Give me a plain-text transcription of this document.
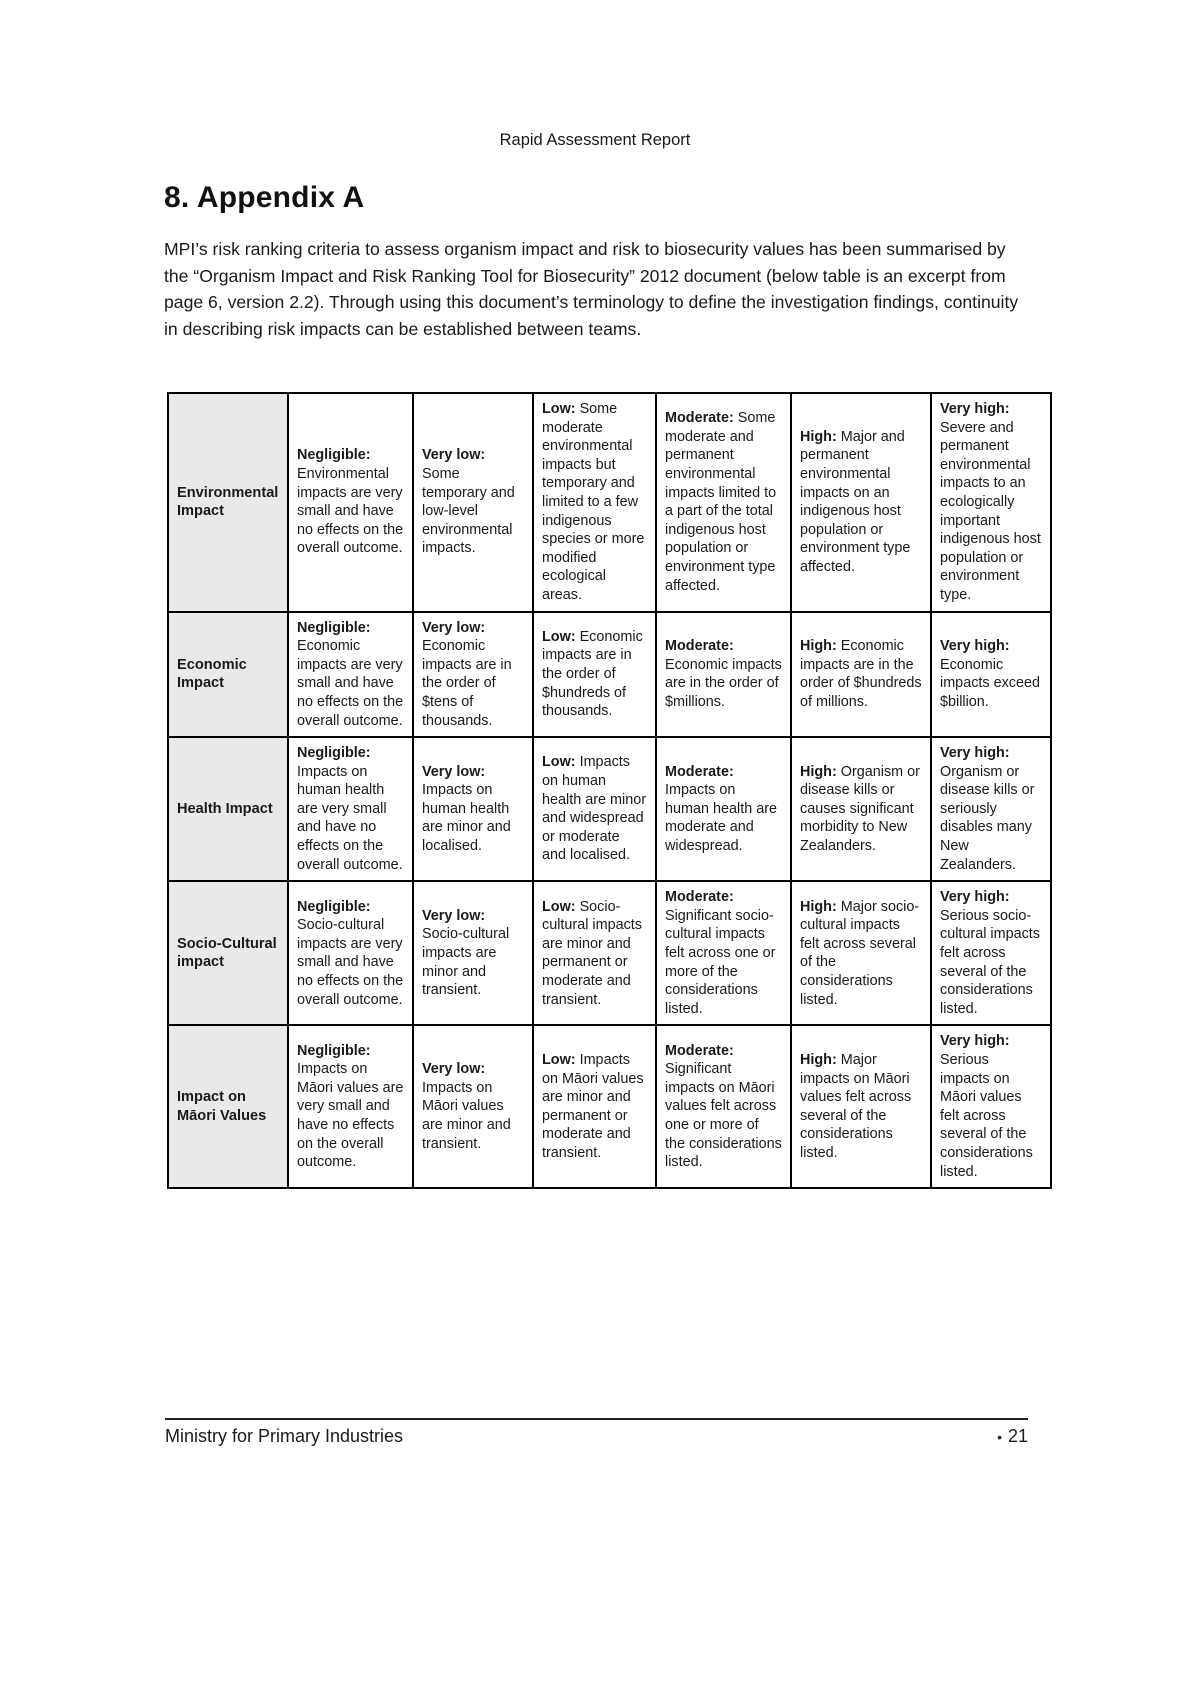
Rapid Assessment Report
8. Appendix A
MPI’s risk ranking criteria to assess organism impact and risk to biosecurity values has been summarised by the “Organism Impact and Risk Ranking Tool for Biosecurity” 2012 document (below table is an excerpt from page 6, version 2.2). Through using this document’s terminology to define the investigation findings, continuity in describing risk impacts can be established between teams.
Environmental Impact	Negligible: Environmental impacts are very small and have no effects on the overall outcome.	Very low: Some temporary and low-level environmental impacts.	Low: Some moderate environmental impacts but temporary and limited to a few indigenous species or more modified ecological areas.	Moderate: Some moderate and permanent environmental impacts limited to a part of the total indigenous host population or environment type affected.	High: Major and permanent environmental impacts on an indigenous host population or environment type affected.	Very high: Severe and permanent environmental impacts to an ecologically important indigenous host population or environment type.
Economic Impact	Negligible: Economic impacts are very small and have no effects on the overall outcome.	Very low: Economic impacts are in the order of $tens of thousands.	Low: Economic impacts are in the order of $hundreds of thousands.	Moderate: Economic impacts are in the order of $millions.	High: Economic impacts are in the order of $hundreds of millions.	Very high: Economic impacts exceed $billion.
Health Impact	Negligible: Impacts on human health are very small and have no effects on the overall outcome.	Very low: Impacts on human health are minor and localised.	Low: Impacts on human health are minor and widespread or moderate and localised.	Moderate: Impacts on human health are moderate and widespread.	High: Organism or disease kills or causes significant morbidity to New Zealanders.	Very high: Organism or disease kills or seriously disables many New Zealanders.
Socio-Cultural impact	Negligible: Socio-cultural impacts are very small and have no effects on the overall outcome.	Very low: Socio-cultural impacts are minor and transient.	Low: Socio-cultural impacts are minor and permanent or moderate and transient.	Moderate: Significant socio-cultural impacts felt across one or more of the considerations listed.	High: Major socio-cultural impacts felt across several of the considerations listed.	Very high: Serious socio-cultural impacts felt across several of the considerations listed.
Impact on Māori Values	Negligible: Impacts on Māori values are very small and have no effects on the overall outcome.	Very low: Impacts on Māori values are minor and transient.	Low: Impacts on Māori values are minor and permanent or moderate and transient.	Moderate: Significant impacts on Māori values felt across one or more of the considerations listed.	High: Major impacts on Māori values felt across several of the considerations listed.	Very high: Serious impacts on Māori values felt across several of the considerations listed.
Ministry for Primary Industries	• 21
